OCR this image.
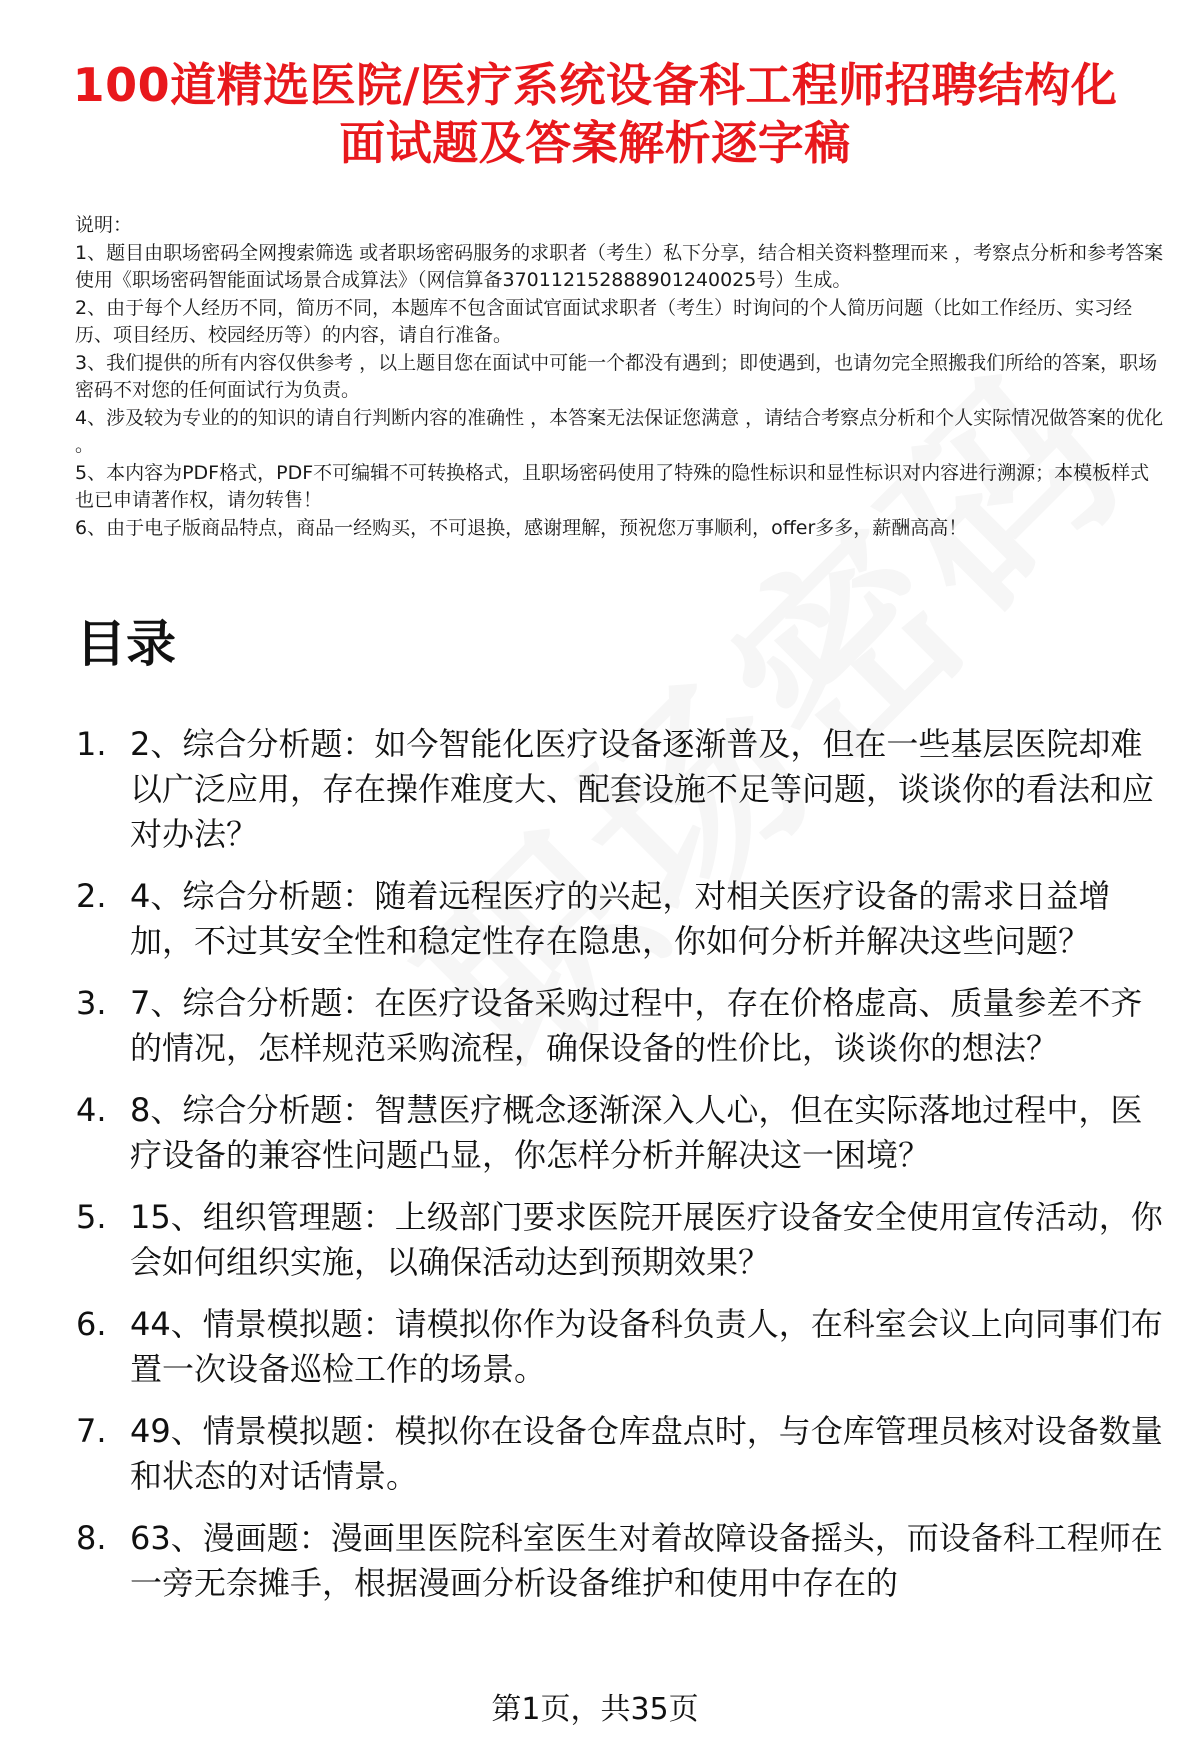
100道精选医院/医疗系统设备科工程师招聘结构化面试题及答案解析逐字稿

说明：

1、题目由职场密码全网搜索筛选 或者职场密码服务的求职者（考生）私下分享，结合相关资料整理而来 ，考察点分析和参考答案使用《职场密码智能面试场景合成算法》（网信算备370112152888901240025号）生成。

2、由于每个人经历不同，简历不同，本题库不包含面试官面试求职者（考生）时询问的个人简历问题（比如工作经历、实习经历、项目经历、校园经历等）的内容，请自行准备。

3、我们提供的所有内容仅供参考 ，以上题目您在面试中可能一个都没有遇到；即使遇到，也请勿完全照搬我们所给的答案，职场密码不对您的任何面试行为负责。

4、涉及较为专业的的知识的请自行判断内容的准确性 ，本答案无法保证您满意 ，请结合考察点分析和个人实际情况做答案的优化 。

5、本内容为PDF格式，PDF不可编辑不可转换格式，且职场密码使用了特殊的隐性标识和显性标识对内容进行溯源；本模板样式也已申请著作权，请勿转售！

6、由于电子版商品特点，商品一经购买，不可退换，感谢理解，预祝您万事顺利，offer多多，薪酬高高！

目录
1. 2、综合分析题：如今智能化医疗设备逐渐普及，但在一些基层医院却难以广泛应用，存在操作难度大、配套设施不足等问题，谈谈你的看法和应对办法？
2. 4、综合分析题：随着远程医疗的兴起，对相关医疗设备的需求日益增加，不过其安全性和稳定性存在隐患，你如何分析并解决这些问题？
3. 7、综合分析题：在医疗设备采购过程中，存在价格虚高、质量参差不齐的情况，怎样规范采购流程，确保设备的性价比，谈谈你的想法？
4. 8、综合分析题：智慧医疗概念逐渐深入人心，但在实际落地过程中，医疗设备的兼容性问题凸显，你怎样分析并解决这一困境？
5. 15、组织管理题：上级部门要求医院开展医疗设备安全使用宣传活动，你会如何组织实施，以确保活动达到预期效果？
6. 44、情景模拟题：请模拟你作为设备科负责人，在科室会议上向同事们布置一次设备巡检工作的场景。
7. 49、情景模拟题：模拟你在设备仓库盘点时，与仓库管理员核对设备数量和状态的对话情景。
8. 63、漫画题：漫画里医院科室医生对着故障设备摇头，而设备科工程师在一旁无奈摊手，根据漫画分析设备维护和使用中存在的
第1页，共35页
